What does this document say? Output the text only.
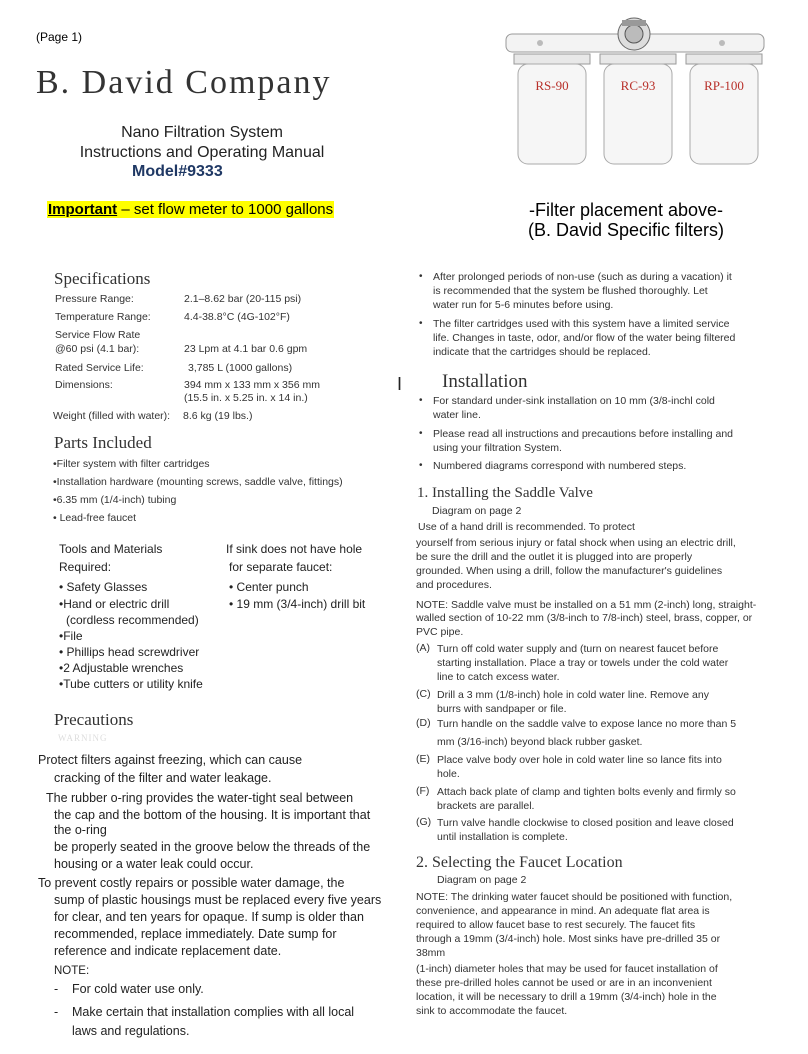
(Page 1)
B. David Company
Nano Filtration System
Instructions and Operating Manual
Model#9333
Important – set flow meter to 1000 gallons
RS-90	RC-93	RP-100
-Filter placement above-
(B. David Specific filters)
Specifications
Pressure Range:	2.1–8.62 bar (20-115 psi)
Temperature Range:	4.4-38.8°C (4G-102°F)
Service Flow Rate
@60 psi (4.1 bar):	23 Lpm at 4.1 bar 0.6 gpm
Rated Service Life:	3,785 L (1000 gallons)
Dimensions:	394 mm x 133 mm x 356 mm
(15.5 in. x 5.25 in. x 14 in.)
Weight (filled with water): 8.6 kg (19 lbs.)
Parts Included
•Filter system with filter cartridges
•Installation hardware (mounting screws, saddle valve, fittings)
•6.35 mm (1/4-inch) tubing
• Lead-free faucet
Tools and Materials
Required:
• Safety Glasses
•Hand or electric drill
(cordless recommended)
•File
• Phillips head screwdriver
•2 Adjustable wrenches
•Tube cutters or utility knife
If sink does not have hole
for separate faucet:
• Center punch
• 19 mm (3/4-inch) drill bit
Precautions
WARNING
Protect filters against freezing, which can cause
cracking of the filter and water leakage.
The rubber o-ring provides the water-tight seal between
the cap and the bottom of the housing. It is important that
the o-ring
be properly seated in the groove below the threads of the
housing or a water leak could occur.
To prevent costly repairs or possible water damage, the
sump of plastic housings must be replaced every five years
for clear, and ten years for opaque. If sump is older than
recommended, replace immediately. Date sump for
reference and indicate replacement date.
NOTE:
- For cold water use only.
- Make certain that installation complies with all local
laws and regulations.
• After prolonged periods of non-use (such as during a vacation) it
is recommended that the system be flushed thoroughly. Let
water run for 5-6 minutes before using.
• The filter cartridges used with this system have a limited service
life. Changes in taste, odor, and/or flow of the water being filtered
indicate that the cartridges should be replaced.
I Installation
• For standard under-sink installation on 10 mm (3/8-inchl cold
water line.
• Please read all instructions and precautions before installing and
using your filtration System.
• Numbered diagrams correspond with numbered steps.
1. Installing the Saddle Valve
Diagram on page 2
Use of a hand drill is recommended. To protect
yourself from serious injury or fatal shock when using an electric drill,
be sure the drill and the outlet it is plugged into are properly
grounded. When using a drill, follow the manufacturer's guidelines
and procedures.
NOTE: Saddle valve must be installed on a 51 mm (2-inch) long, straight-
walled section of 10-22 mm (3/8-inch to 7/8-inch) steel, brass, copper, or
PVC pipe.
(A) Turn off cold water supply and (turn on nearest faucet before
starting installation. Place a tray or towels under the cold water
line to catch excess water.
(C) Drill a 3 mm (1/8-inch) hole in cold water line. Remove any
burrs with sandpaper or file.
(D) Turn handle on the saddle valve to expose lance no more than 5
mm (3/16-inch) beyond black rubber gasket.
(E) Place valve body over hole in cold water line so lance fits into
hole.
(F) Attach back plate of clamp and tighten bolts evenly and firmly so
brackets are parallel.
(G) Turn valve handle clockwise to closed position and leave closed
until installation is complete.
2. Selecting the Faucet Location
Diagram on page 2
NOTE: The drinking water faucet should be positioned with function,
convenience, and appearance in mind. An adequate flat area is
required to allow faucet base to rest securely. The faucet fits
through a 19mm (3/4-inch) hole. Most sinks have pre-drilled 35 or
38mm
(1-inch) diameter holes that may be used for faucet installation of
these pre-drilled holes cannot be used or are in an inconvenient
location, it will be necessary to drill a 19mm (3/4-inch) hole in the
sink to accommodate the faucet.
